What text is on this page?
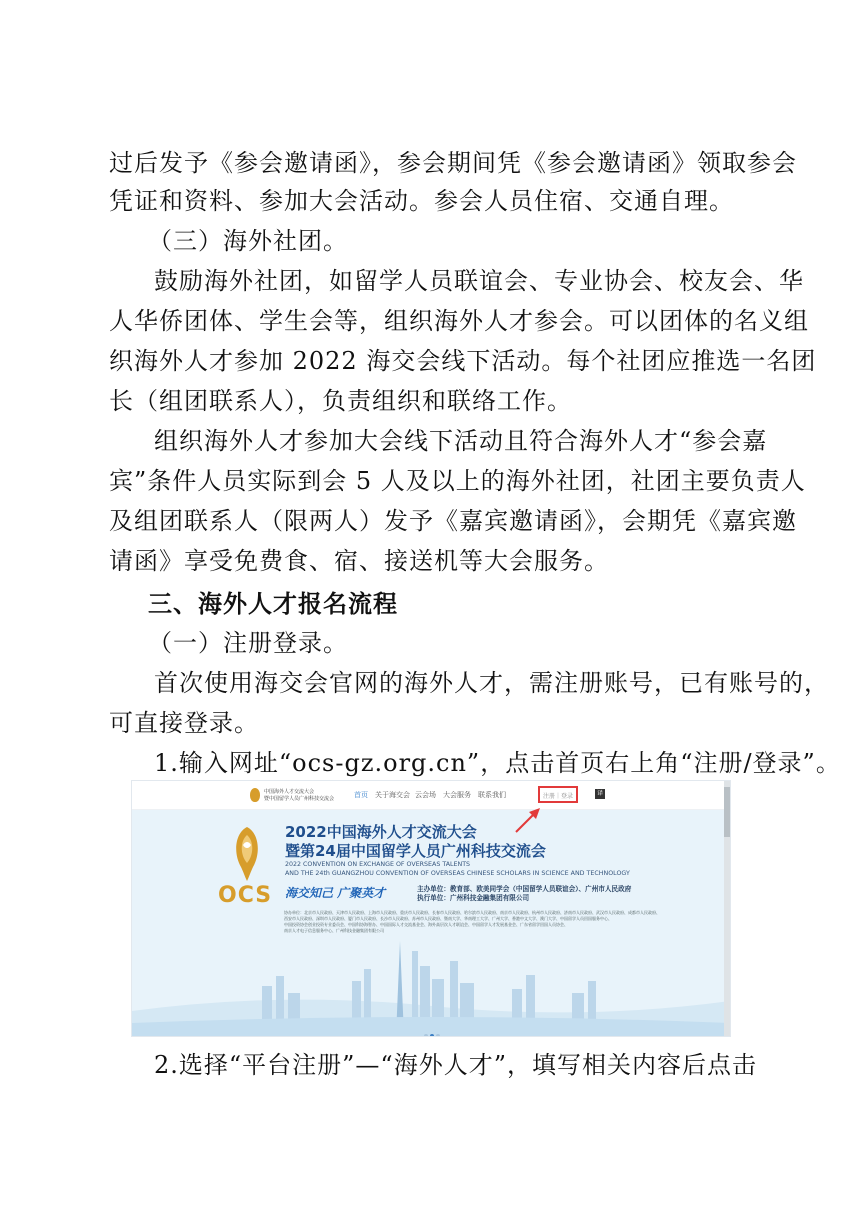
过后发予《参会邀请函》，参会期间凭《参会邀请函》领取参会
凭证和资料、参加大会活动。参会人员住宿、交通自理。
（三）海外社团。
鼓励海外社团，如留学人员联谊会、专业协会、校友会、华
人华侨团体、学生会等，组织海外人才参会。可以团体的名义组
织海外人才参加 2022 海交会线下活动。每个社团应推选一名团
长（组团联系人），负责组织和联络工作。
组织海外人才参加大会线下活动且符合海外人才“参会嘉
宾”条件人员实际到会 5 人及以上的海外社团，社团主要负责人
及组团联系人（限两人）发予《嘉宾邀请函》，会期凭《嘉宾邀
请函》享受免费食、宿、接送机等大会服务。
三、海外人才报名流程
（一）注册登录。
首次使用海交会官网的海外人才，需注册账号，已有账号的，
可直接登录。
1.输入网址“ocs-gz.org.cn”，点击首页右上角“注册/登录”。
中国海外人才交流大会
暨中国留学人员广州科技交流会	首页 关于海交会 云会场 大会服务 联系我们	注册｜登录	译
OCS
2022中国海外人才交流大会
暨第24届中国留学人员广州科技交流会
2022 CONVENTION ON EXCHANGE OF OVERSEAS TALENTS
AND THE 24th GUANGZHOU CONVENTION OF OVERSEAS CHINESE SCHOLARS IN SCIENCE AND TECHNOLOGY
海交知己 广聚英才	主办单位：教育部、欧美同学会（中国留学人员联谊会）、广州市人民政府
执行单位：广州科技金融集团有限公司
协办单位：北京市人民政府、天津市人民政府、上海市人民政府、重庆市人民政府、长春市人民政府、哈尔滨市人民政府、南京市人民政府、杭州市人民政府、济南市人民政府、武汉市人民政府、成都市人民政府、
西安市人民政府、深圳市人民政府、厦门市人民政府、长沙市人民政府、苏州市人民政府、暨南大学、华南理工大学、广州大学、香港中文大学、澳门大学、中国留学人员回国服务中心、
中国投资协会创业投资专业委员会、中国科协海智办、中国国际人才交流基金会、海外高层次人才联谊会、中国留学人才发展基金会、广东省留学回国人员协会、
南京人才电子信息服务中心、广州科技金融集团有限公司
2.选择“平台注册”—“海外人才”，填写相关内容后点击
